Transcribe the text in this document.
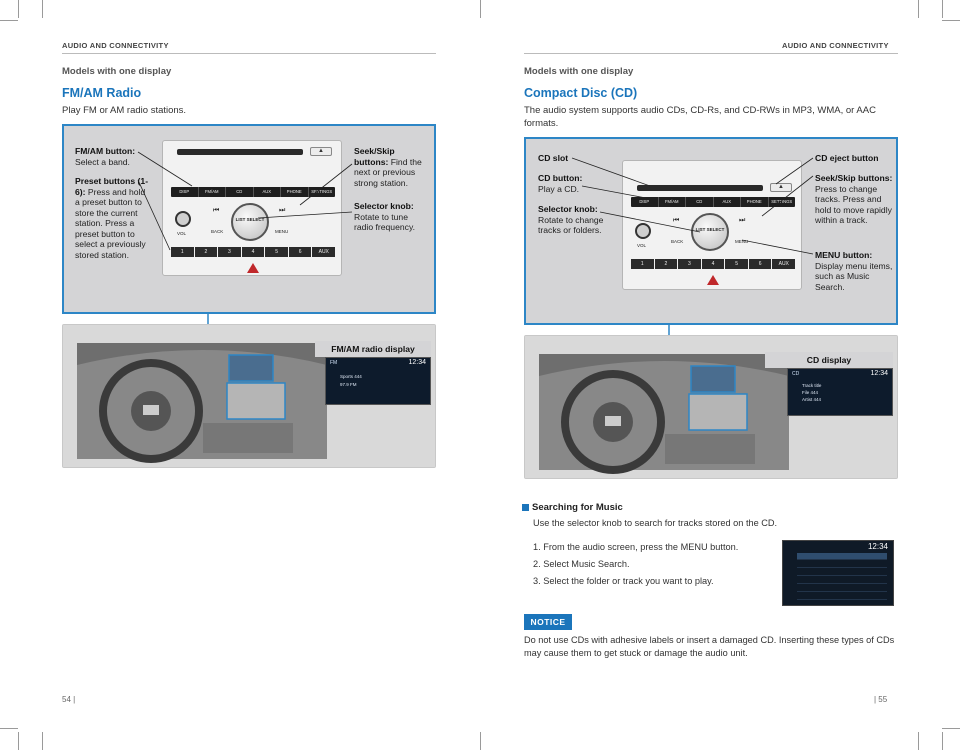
AUDIO AND CONNECTIVITY
Models with one display
FM/AM Radio
Play FM or AM radio stations.
▲
DISP	FM/AM	CD	AUX	PHONE	SETTINGS
⏮	⏭
LIST SELECT
BACK	MENU
VOL
1	2	3	4	5	6	AUX
FM/AM button:
Select a band.
Preset buttons (1-6): Press and hold a preset button to store the current station. Press a preset button to select a previously stored station.
Seek/Skip buttons: Find the next or previous strong station.
Selector knob:
Rotate to tune radio frequency.
FM/AM radio display
FM	12:34
Sports 444
97.9 FM
54 |
AUDIO AND CONNECTIVITY
Models with one display
Compact Disc (CD)
The audio system supports audio CDs, CD-Rs, and CD-RWs in MP3, WMA, or AAC formats.
▲
DISP	FM/AM	CD	AUX	PHONE	SETTINGS
⏮	⏭
LIST SELECT
BACK	MENU
VOL
1	2	3	4	5	6	AUX
CD slot
CD button:
Play a CD.
Selector knob:
Rotate to change tracks or folders.
CD eject button
Seek/Skip buttons: Press to change tracks. Press and hold to move rapidly within a track.
MENU button:
Display menu items, such as Music Search.
CD display
CD	12:34
Track title
File 444
Artist 444
Searching for Music
Use the selector knob to search for tracks stored on the CD.
1. From the audio screen, press the MENU button.
2. Select Music Search.
3. Select the folder or track you want to play.
12:34
NOTICE
Do not use CDs with adhesive labels or insert a damaged CD. Inserting these types of CDs may cause them to get stuck or damage the audio unit.
| 55
